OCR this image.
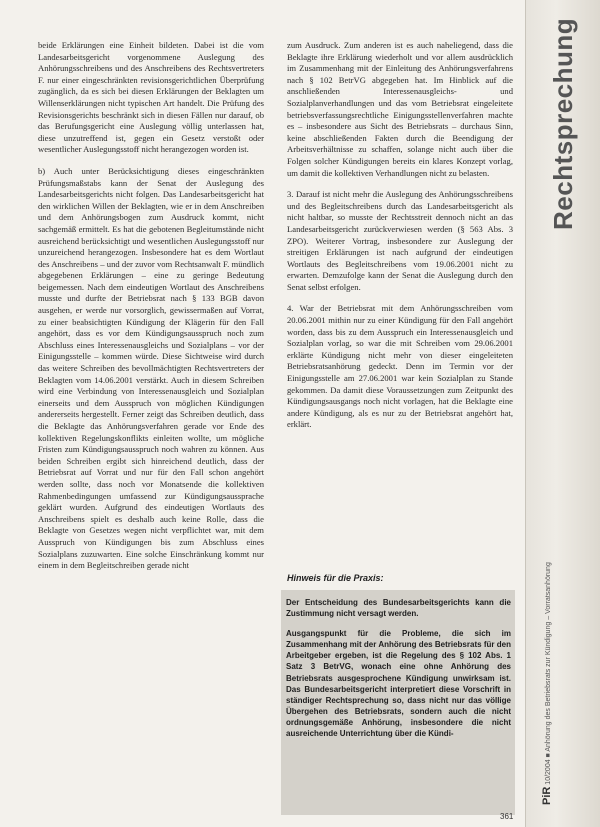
beide Erklärungen eine Einheit bildeten. Dabei ist die vom Landesarbeitsgericht vorgenommene Auslegung des Anhörungsschreibens und des Anschreibens des Rechtsvertreters F. nur einer eingeschränkten revisionsgerichtlichen Überprüfung zugänglich, da es sich bei diesen Erklärungen der Beklagten um Willenserklärungen nicht typischen Art handelt. Die Prüfung des Revisionsgerichts beschränkt sich in diesen Fällen nur darauf, ob das Berufungsgericht eine Auslegung völlig unterlassen hat, diese unzutreffend ist, gegen ein Gesetz verstoßt oder wesentlicher Auslegungsstoff nicht herangezogen worden ist.

b) Auch unter Berücksichtigung dieses eingeschränkten Prüfungsmaßstabs kann der Senat der Auslegung des Landesarbeitsgerichts nicht folgen. Das Landesarbeitsgericht hat den wirklichen Willen der Beklagten, wie er in dem Anschreiben und dem Anhörungsbogen zum Ausdruck kommt, nicht sachgemäß ermittelt. Es hat die gebotenen Begleitumstände nicht ausreichend berücksichtigt und wesentlichen Auslegungsstoff nur unzureichend herangezogen. Insbesondere hat es dem Wortlaut des Anschreibens – und der zuvor vom Rechtsanwalt F. mündlich abgegebenen Erklärungen – eine zu geringe Bedeutung beigemessen. Nach dem eindeutigen Wortlaut des Anschreibens musste und durfte der Betriebsrat nach § 133 BGB davon ausgehen, er werde nur vorsorglich, gewissermaßen auf Vorrat, zu einer beabsichtigten Kündigung der Klägerin für den Fall angehört, dass es vor dem Kündigungsausspruch noch zum Abschluss eines Interessenausgleichs und Sozialplans – vor der Einigungsstelle – kommen würde. Diese Sichtweise wird durch das weitere Schreiben des bevollmächtigten Rechtsvertreters der Beklagten vom 14.06.2001 verstärkt. Auch in diesem Schreiben wird eine Verbindung von Interessenausgleich und Sozialplan einerseits und dem Ausspruch von möglichen Kündigungen andererseits hergestellt. Ferner zeigt das Schreiben deutlich, dass die Beklagte das Anhörungsverfahren gerade vor Ende des kollektiven Regelungskonflikts einleiten wollte, um mögliche Fristen zum Kündigungsausspruch noch wahren zu können. Aus beiden Schreiben ergibt sich hinreichend deutlich, dass der Betriebsrat auf Vorrat und nur für den Fall schon angehört werden sollte, dass noch vor Monatsende die kollektiven Rahmenbedingungen umfassend zur Kündigungsaussprache geklärt wurden. Aufgrund des eindeutigen Wortlauts des Anschreibens spielt es deshalb auch keine Rolle, dass die Beklagte von Gesetzes wegen nicht verpflichtet war, mit dem Ausspruch von Kündigungen bis zum Abschluss eines Sozialplans zuzuwarten. Eine solche Einschränkung kommt nur einem in dem Begleitschreiben gerade nicht

zum Ausdruck. Zum anderen ist es auch naheliegend, dass die Beklagte ihre Erklärung wiederholt und vor allem ausdrücklich im Zusammenhang mit der Einleitung des Anhörungsverfahrens nach § 102 BetrVG abgegeben hat. Im Hinblick auf die anschließenden Interessenausgleichs- und Sozialplanverhandlungen und das vom Betriebsrat eingeleitete betriebsverfassungsrechtliche Einigungsstellenverfahren machte es – insbesondere aus Sicht des Betriebsrats – durchaus Sinn, keine abschließenden Fakten durch die Beendigung der Arbeitsverhältnisse zu schaffen, solange nicht auch über die Folgen solcher Kündigungen bereits ein klares Konzept vorlag, um damit die kollektiven Verhandlungen nicht zu belasten.

3. Darauf ist nicht mehr die Auslegung des Anhörungsschreibens und des Begleitschreibens durch das Landesarbeitsgericht als nicht haltbar, so musste der Rechtsstreit dennoch nicht an das Landesarbeitsgericht zurückverwiesen werden (§ 563 Abs. 3 ZPO). Weiterer Vortrag, insbesondere zur Auslegung der streitigen Erklärungen ist nach aufgrund der eindeutigen Wortlauts des Begleitschreibens vom 19.06.2001 nicht zu erwarten. Demzufolge kann der Senat die Auslegung durch den Senat selbst erfolgen.

4. War der Betriebsrat mit dem Anhörungsschreiben vom 20.06.2001 mithin nur zu einer Kündigung für den Fall angehört worden, dass bis zu dem Ausspruch ein Interessenausgleich und Sozialplan vorlag, so war die mit Schreiben vom 29.06.2001 erklärte Kündigung nicht mehr von dieser eingeleiteten Betriebsratsanhörung gedeckt. Denn im Termin vor der Einigungsstelle am 27.06.2001 war kein Sozialplan zu Stande gekommen. Da damit diese Voraussetzungen zum Zeitpunkt des Kündigungsausgangs noch nicht vorlagen, hat die Beklagte eine andere Kündigung, als es nur zu der Betriebsrat angehört hat, erklärt.

Hinweis für die Praxis:

Der Entscheidung des Bundesarbeitsgerichts kann die Zustimmung nicht versagt werden.

Ausgangspunkt für die Probleme, die sich im Zusammenhang mit der Anhörung des Betriebsrats für den Arbeitgeber ergeben, ist die Regelung des § 102 Abs. 1 Satz 3 BetrVG, wonach eine ohne Anhörung des Betriebsrats ausgesprochene Kündigung unwirksam ist. Das Bundesarbeitsgericht interpretiert diese Vorschrift in ständiger Rechtsprechung so, dass nicht nur das völlige Übergehen des Betriebsrats, sondern auch die nicht ordnungsgemäße Anhörung, insbesondere die nicht ausreichende Unterrichtung über die Kündi-

Rechtsprechung
PiR 10/2004 ■ Anhörung des Betriebsrats zur Kündigung – Vorratsanhörung
361
